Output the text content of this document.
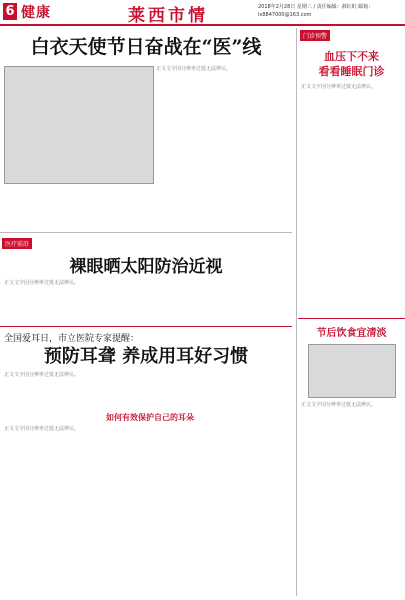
6 健康	莱西市情	2018年2月28日 星期三 / 责任编辑：郝红虹 邮箱：lx8847000@163.com
白衣天使节日奋战在“医”线
正文文字因分辨率过低无法辨认。
医疗前沿
裸眼晒太阳防治近视
正文文字因分辨率过低无法辨认。
全国爱耳日，市立医院专家提醒：
预防耳聋 养成用耳好习惯
正文文字因分辨率过低无法辨认。
如何有效保护自己的耳朵
正文文字因分辨率过低无法辨认。
门诊预警
血压下不来
看看睡眠门诊
正文文字因分辨率过低无法辨认。
节后饮食宜清淡
正文文字因分辨率过低无法辨认。
